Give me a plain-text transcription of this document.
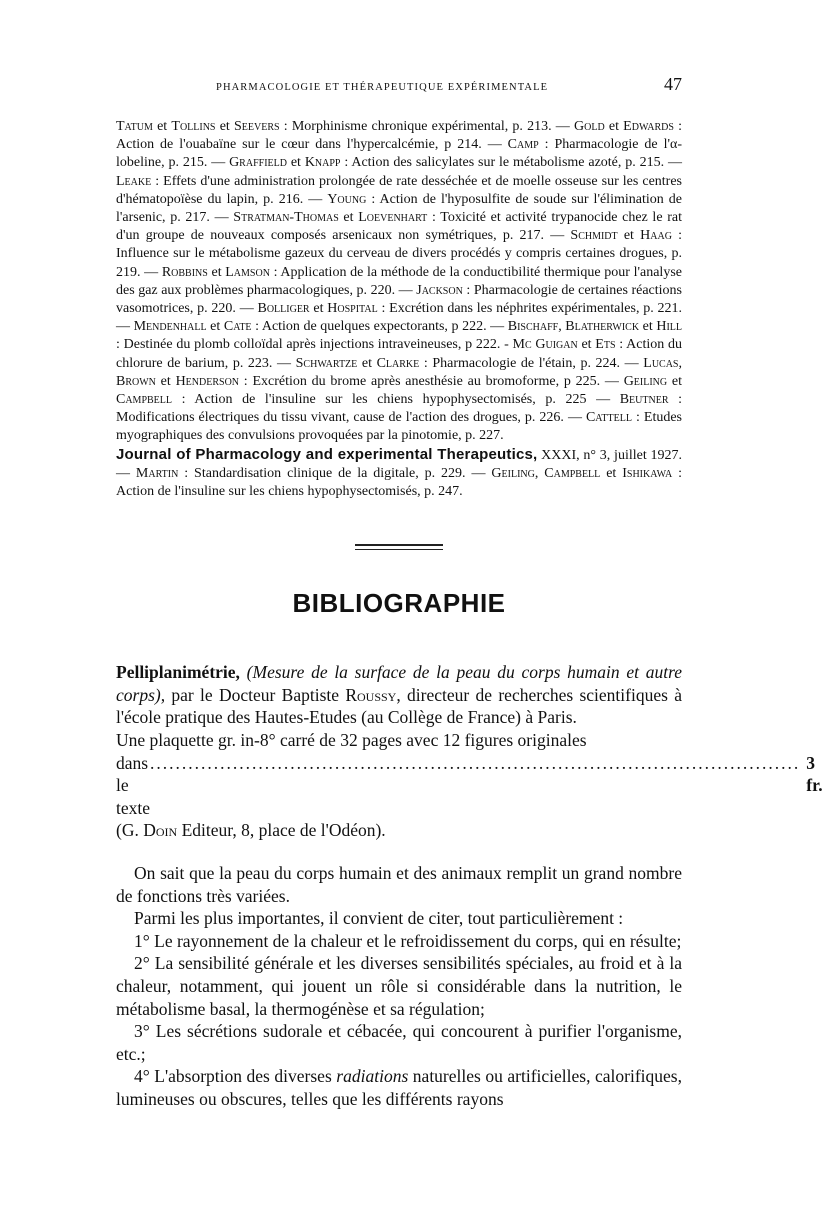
PHARMACOLOGIE ET THÉRAPEUTIQUE EXPÉRIMENTALE	47

Tatum et Tollins et Seevers : Morphinisme chronique expérimental, p. 213. — Gold et Edwards : Action de l'ouabaïne sur le cœur dans l'hypercalcémie, p 214. — Camp : Pharmacologie de l'α-lobeline, p. 215. — Graffield et Knapp : Action des salicylates sur le métabolisme azoté, p. 215. — Leake : Effets d'une administration prolongée de rate desséchée et de moelle osseuse sur les centres d'hématopoïèse du lapin, p. 216. — Young : Action de l'hyposulfite de soude sur l'élimination de l'arsenic, p. 217. — Stratman-Thomas et Loevenhart : Toxicité et activité trypanocide chez le rat d'un groupe de nouveaux composés arsenicaux non symétriques, p. 217. — Schmidt et Haag : Influence sur le métabolisme gazeux du cerveau de divers procédés y compris certaines drogues, p. 219. — Robbins et Lamson : Application de la méthode de la conductibilité thermique pour l'analyse des gaz aux problèmes pharmacologiques, p. 220. — Jackson : Pharmacologie de certaines réactions vasomotrices, p. 220. — Bolliger et Hospital : Excrétion dans les néphrites expérimentales, p. 221. — Mendenhall et Cate : Action de quelques expectorants, p 222. — Bischaff, Blatherwick et Hill : Destinée du plomb colloïdal après injections intraveineuses, p 222. - Mc Guigan et Ets : Action du chlorure de barium, p. 223. — Schwartze et Clarke : Pharmacologie de l'étain, p. 224. — Lucas, Brown et Henderson : Excrétion du brome après anesthésie au bromoforme, p 225. — Geiling et Campbell : Action de l'insuline sur les chiens hypophysectomisés, p. 225 — Beutner : Modifications électriques du tissu vivant, cause de l'action des drogues, p. 226. — Cattell : Etudes myographiques des convulsions provoquées par la pinotomie, p. 227.

Journal of Pharmacology and experimental Therapeutics, XXXI, n° 3, juillet 1927. — Martin : Standardisation clinique de la digitale, p. 229. — Geiling, Campbell et Ishikawa : Action de l'insuline sur les chiens hypophysectomisés, p. 247.

BIBLIOGRAPHIE

Pelliplanimétrie, (Mesure de la surface de la peau du corps humain et autre corps), par le Docteur Baptiste Roussy, directeur de recherches scientifiques à l'école pratique des Hautes-Etudes (au Collège de France) à Paris.

Une plaquette gr. in-8° carré de 32 pages avec 12 figures originales

dans le texte
...................................................................................................... 3 fr.

(G. Doin Editeur, 8, place de l'Odéon).

On sait que la peau du corps humain et des animaux remplit un grand nombre de fonctions très variées.

Parmi les plus importantes, il convient de citer, tout particulièrement :

1° Le rayonnement de la chaleur et le refroidissement du corps, qui en résulte;

2° La sensibilité générale et les diverses sensibilités spéciales, au froid et à la chaleur, notamment, qui jouent un rôle si considérable dans la nutrition, le métabolisme basal, la thermogénèse et sa régulation;

3° Les sécrétions sudorale et cébacée, qui concourent à purifier l'organisme, etc.;

4° L'absorption des diverses radiations naturelles ou artificielles, calorifiques, lumineuses ou obscures, telles que les différents rayons
